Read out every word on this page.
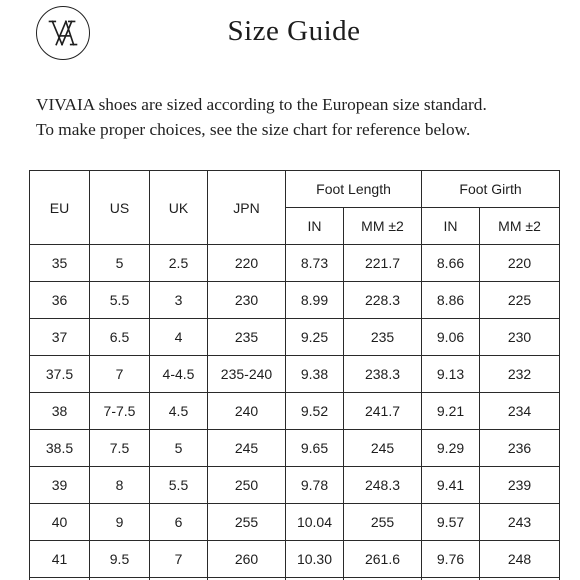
Size Guide
VIVAIA shoes are sized according to the European size standard.
To make proper choices, see the size chart for reference below.
EU	US	UK	JPN	Foot Length		Foot Girth	
				IN	MM ±2	IN	MM ±2
35	5	2.5	220	8.73	221.7	8.66	220
36	5.5	3	230	8.99	228.3	8.86	225
37	6.5	4	235	9.25	235	9.06	230
37.5	7	4-4.5	235-240	9.38	238.3	9.13	232
38	7-7.5	4.5	240	9.52	241.7	9.21	234
38.5	7.5	5	245	9.65	245	9.29	236
39	8	5.5	250	9.78	248.3	9.41	239
40	9	6	255	10.04	255	9.57	243
41	9.5	7	260	10.30	261.6	9.76	248
